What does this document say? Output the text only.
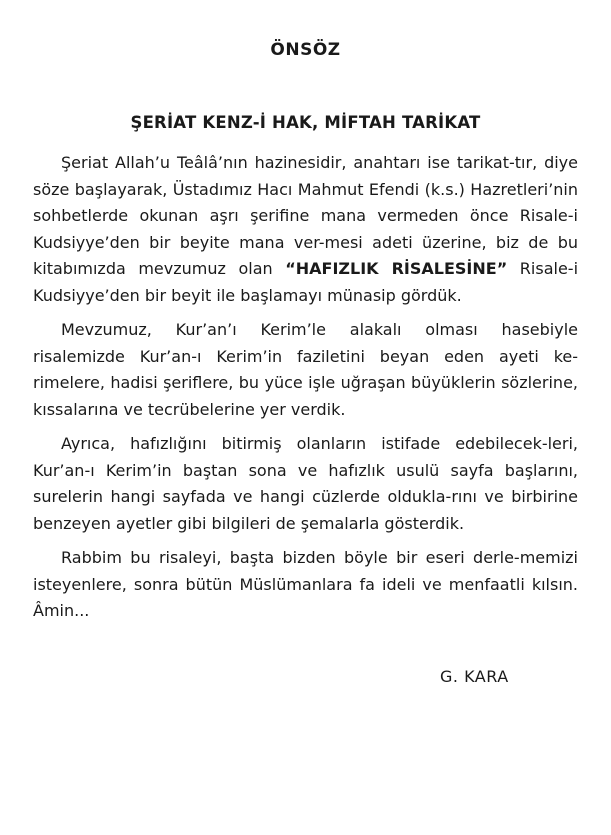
ÖNSÖZ
ŞERİAT KENZ-İ HAK, MİFTAH TARİKAT

Şeriat Allah’u Teâlâ’nın hazinesidir, anahtarı ise tarikat-tır, diye söze başlayarak, Üstadımız Hacı Mahmut Efendi (k.s.) Hazretleri’nin sohbetlerde okunan aşrı şerifine mana vermeden önce Risale-i Kudsiyye’den bir beyite mana ver-mesi adeti üzerine, biz de bu kitabımızda mevzumuz olan “HAFIZLIK RİSALESİNE” Risale-i Kudsiyye’den bir beyit ile başlamayı münasip gördük.

Mevzumuz, Kur’an’ı Kerim’le alakalı olması hasebiyle risalemizde Kur’an-ı Kerim’in faziletini beyan eden ayeti ke-rimelere, hadisi şeriflere, bu yüce işle uğraşan büyüklerin sözlerine, kıssalarına ve tecrübelerine yer verdik.

Ayrıca, hafızlığını bitirmiş olanların istifade edebilecek-leri, Kur’an-ı Kerim’in baştan sona ve hafızlık usulü sayfa başlarını, surelerin hangi sayfada ve hangi cüzlerde oldukla-rını ve birbirine benzeyen ayetler gibi bilgileri de şemalarla gösterdik.

Rabbim bu risaleyi, başta bizden böyle bir eseri derle-memizi isteyenlere, sonra bütün Müslümanlara fa ideli ve menfaatli kılsın. Âmin...

G. KARA
